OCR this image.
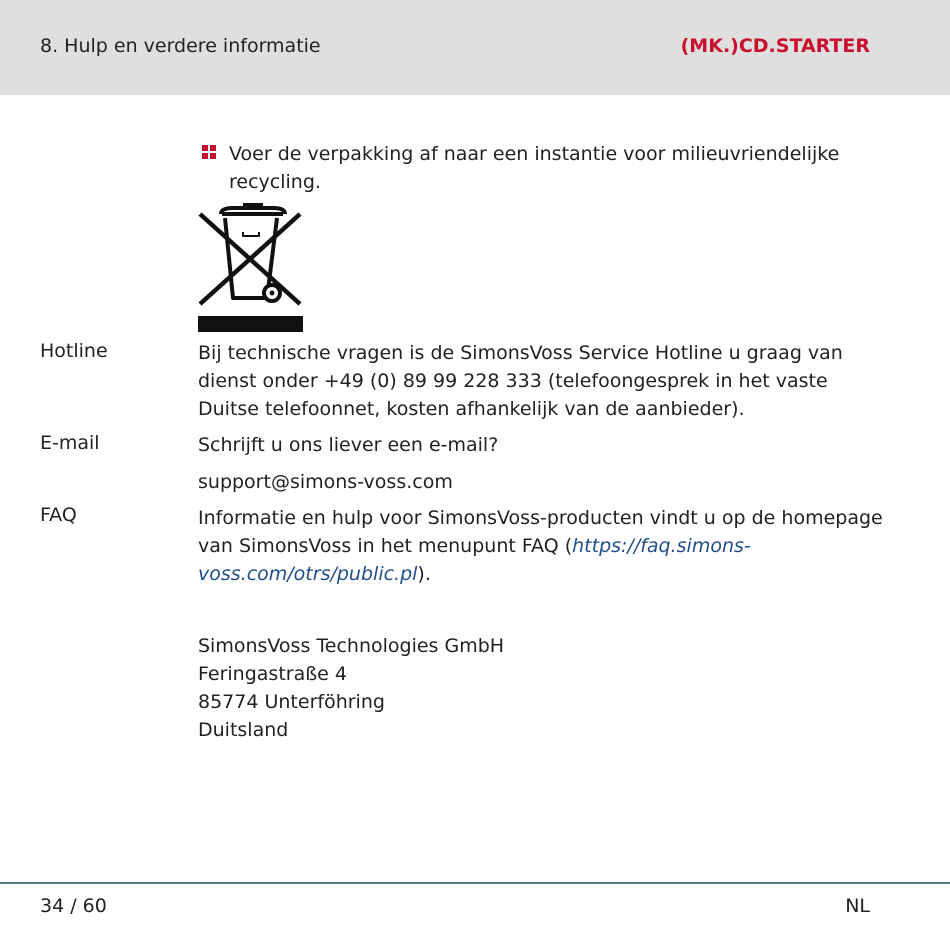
8. Hulp en verdere informatie	(MK.)CD.STARTER
Voer de verpakking af naar een instantie voor milieuvriendelijke recycling.
Hotline	Bij technische vragen is de SimonsVoss Service Hotline u graag van dienst onder +49 (0) 89 99 228 333 (telefoongesprek in het vaste Duitse telefoonnet, kosten afhankelijk van de aanbieder).
E-mail	Schrijft u ons liever een e-mail?
support@simons-voss.com
FAQ	Informatie en hulp voor SimonsVoss-producten vindt u op de homepage van SimonsVoss in het menupunt FAQ (https://faq.simons-voss.com/otrs/public.pl).
SimonsVoss Technologies GmbH
Feringastraße 4
85774 Unterföhring
Duitsland
34 / 60	NL
